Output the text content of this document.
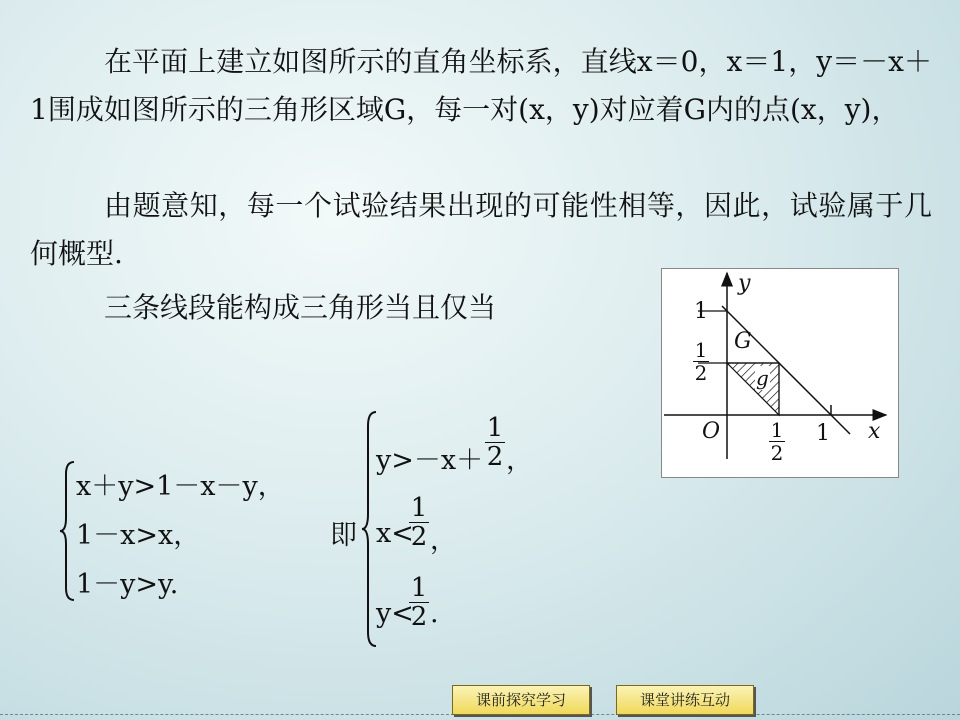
在平面上建立如图所示的直角坐标系，直线x＝0，x＝1，y＝－x＋1围成如图所示的三角形区域G，每一对(x，y)对应着G内的点(x，y)，

由题意知，每一个试验结果出现的可能性相等，因此，试验属于几何概型.

三条线段能构成三角形当且仅当

x＋y>1－x－y，
1－x>x，
1－y>y.
即
y>－x＋
1
2 ，
x<
1
2 ，
y<
1
2 .
y
x
O
1
1
2
1
2
1
G
g
课前探究学习	课堂讲练互动
